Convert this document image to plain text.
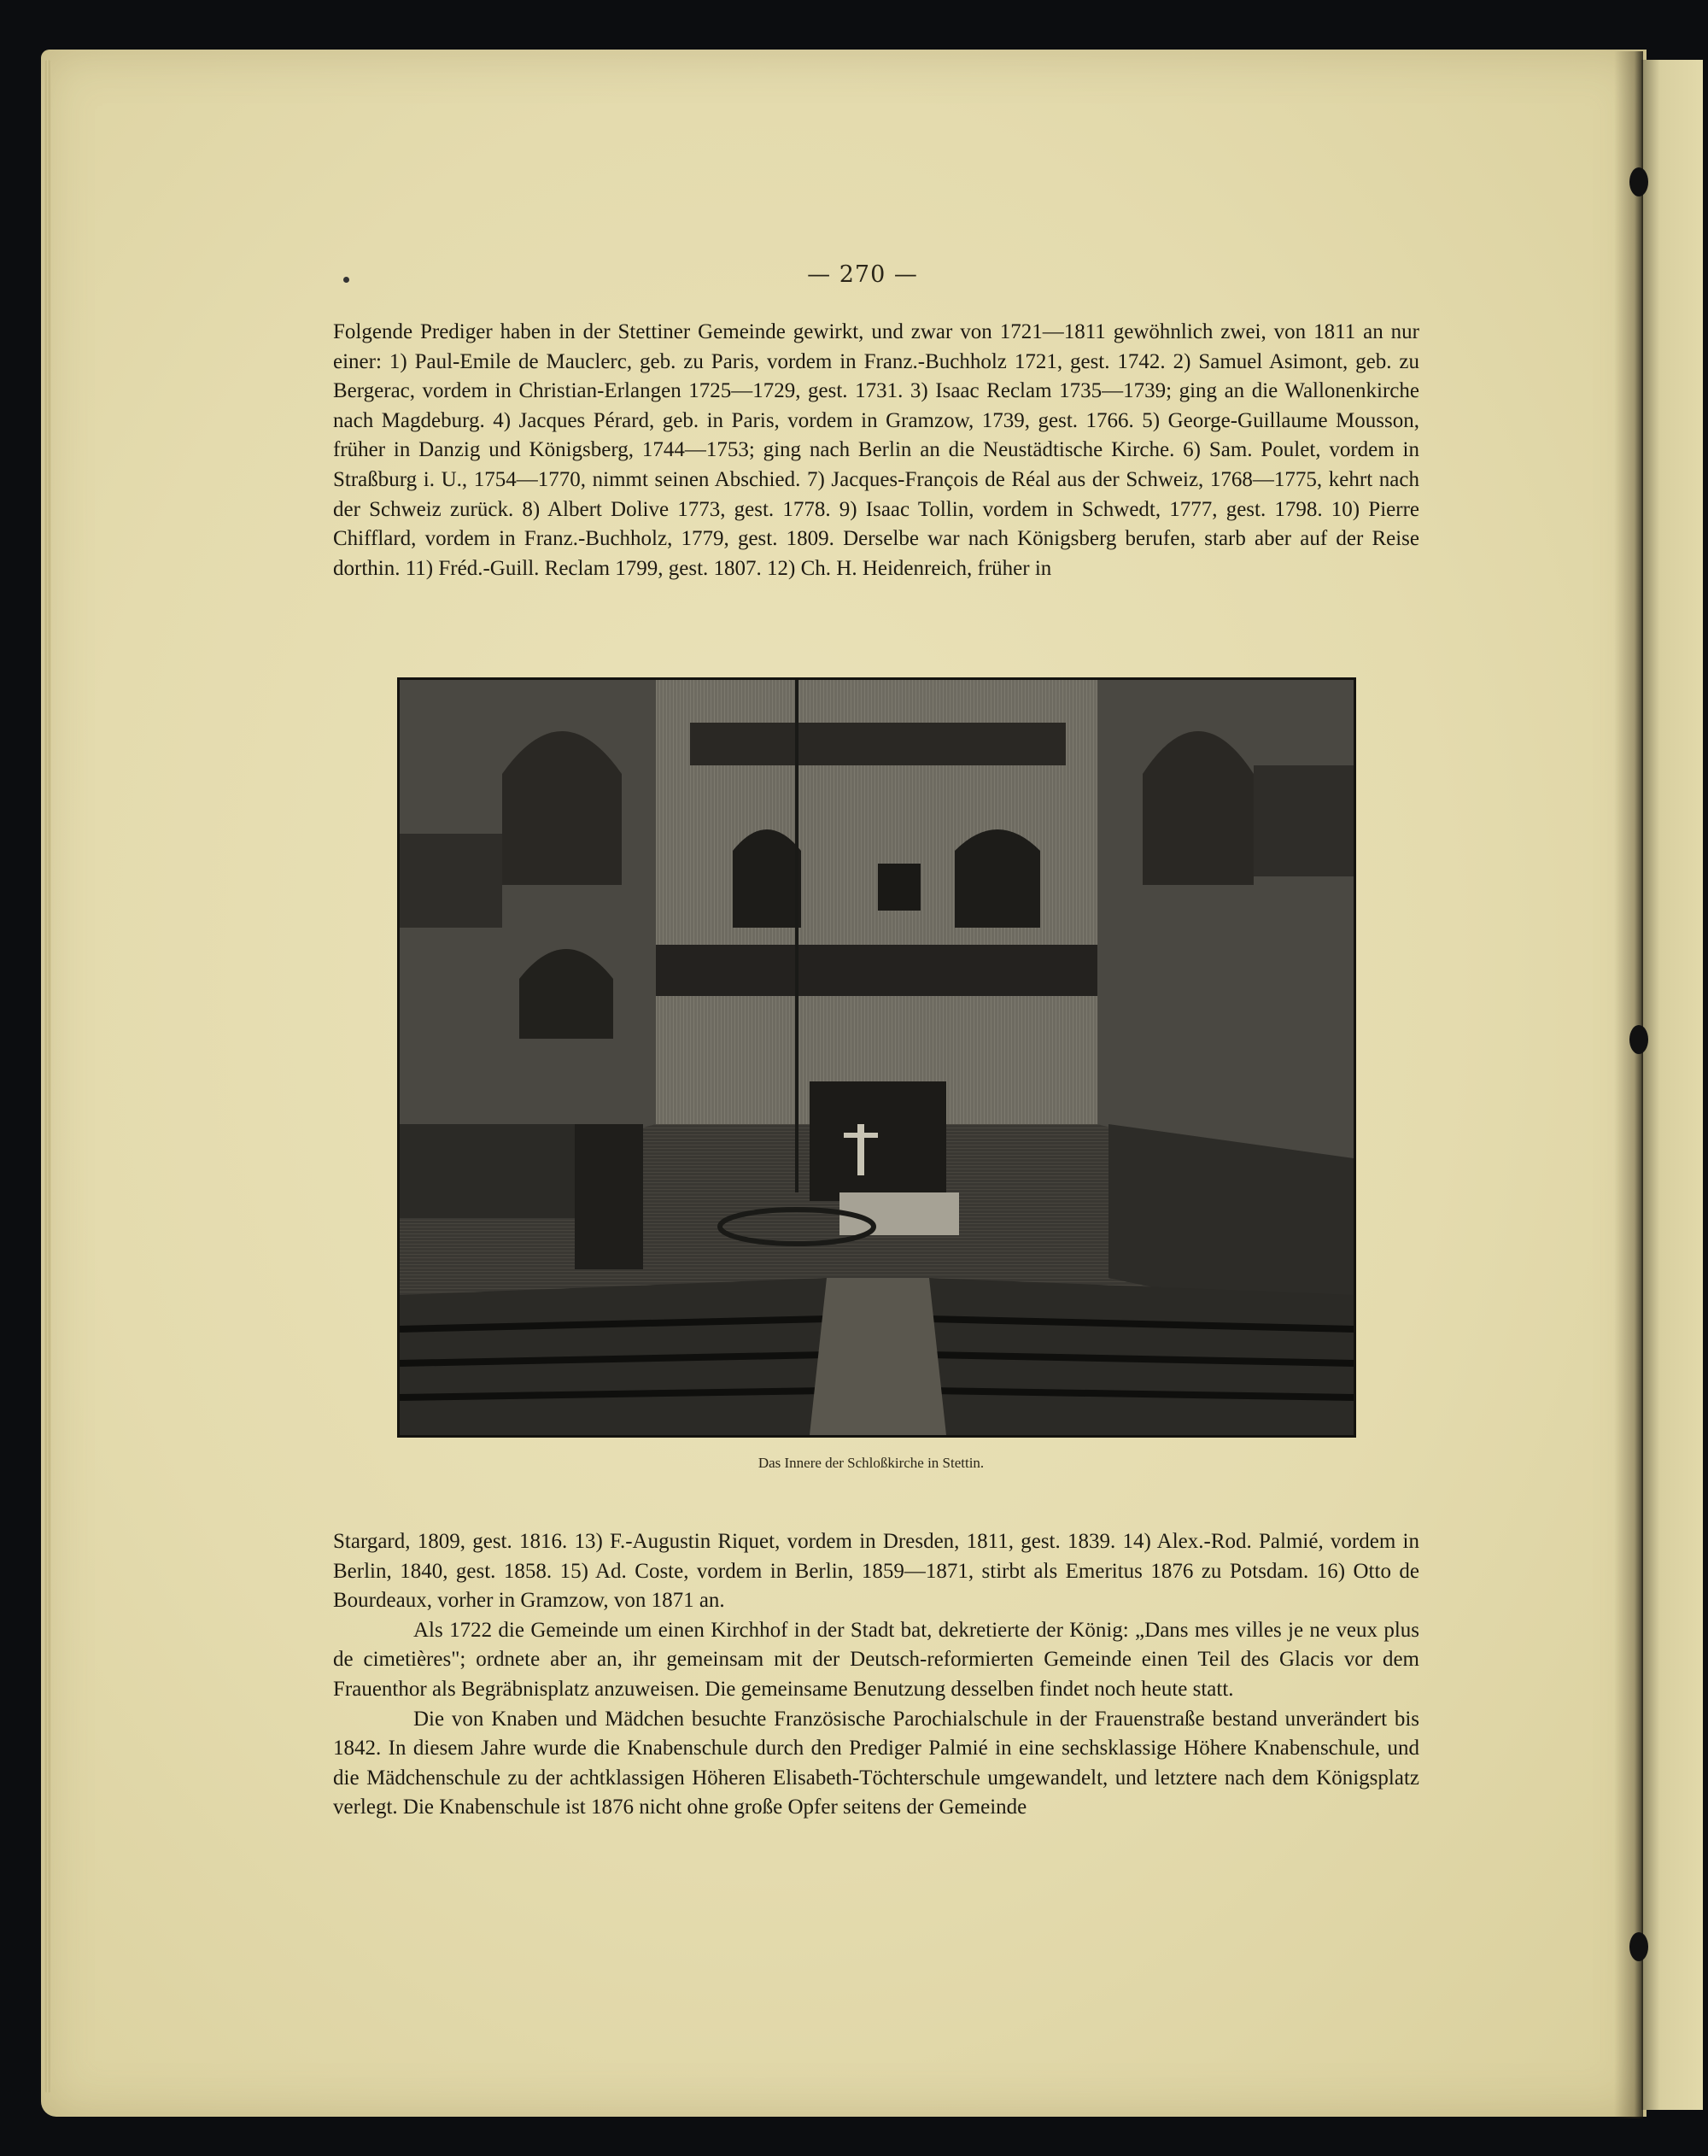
— 270 —

Folgende Prediger haben in der Stettiner Gemeinde gewirkt, und zwar von 1721—1811 gewöhnlich zwei, von 1811 an nur einer: 1) Paul-Emile de Mauclerc, geb. zu Paris, vordem in Franz.-Buchholz 1721, gest. 1742. 2) Samuel Asimont, geb. zu Bergerac, vordem in Christian-Erlangen 1725—1729, gest. 1731. 3) Isaac Reclam 1735—1739; ging an die Wallonenkirche nach Magdeburg. 4) Jacques Pérard, geb. in Paris, vordem in Gramzow, 1739, gest. 1766. 5) George-Guillaume Mousson, früher in Danzig und Königsberg, 1744—1753; ging nach Berlin an die Neustädtische Kirche. 6) Sam. Poulet, vordem in Straßburg i. U., 1754—1770, nimmt seinen Abschied. 7) Jacques-François de Réal aus der Schweiz, 1768—1775, kehrt nach der Schweiz zurück. 8) Albert Dolive 1773, gest. 1778. 9) Isaac Tollin, vordem in Schwedt, 1777, gest. 1798. 10) Pierre Chifflard, vordem in Franz.-Buchholz, 1779, gest. 1809. Derselbe war nach Königsberg berufen, starb aber auf der Reise dorthin. 11) Fréd.-Guill. Reclam 1799, gest. 1807. 12) Ch. H. Heidenreich, früher in

Das Innere der Schloßkirche in Stettin.

Stargard, 1809, gest. 1816. 13) F.-Augustin Riquet, vordem in Dresden, 1811, gest. 1839. 14) Alex.-Rod. Palmié, vordem in Berlin, 1840, gest. 1858. 15) Ad. Coste, vordem in Berlin, 1859—1871, stirbt als Emeritus 1876 zu Potsdam. 16) Otto de Bourdeaux, vorher in Gramzow, von 1871 an.

Als 1722 die Gemeinde um einen Kirchhof in der Stadt bat, dekretierte der König: „Dans mes villes je ne veux plus de cimetières"; ordnete aber an, ihr gemeinsam mit der Deutsch-reformierten Gemeinde einen Teil des Glacis vor dem Frauenthor als Begräbnisplatz anzuweisen. Die gemeinsame Benutzung desselben findet noch heute statt.

Die von Knaben und Mädchen besuchte Französische Parochialschule in der Frauenstraße bestand unverändert bis 1842. In diesem Jahre wurde die Knabenschule durch den Prediger Palmié in eine sechsklassige Höhere Knabenschule, und die Mädchenschule zu der achtklassigen Höheren Elisabeth-Töchterschule umgewandelt, und letztere nach dem Königsplatz verlegt. Die Knabenschule ist 1876 nicht ohne große Opfer seitens der Gemeinde
